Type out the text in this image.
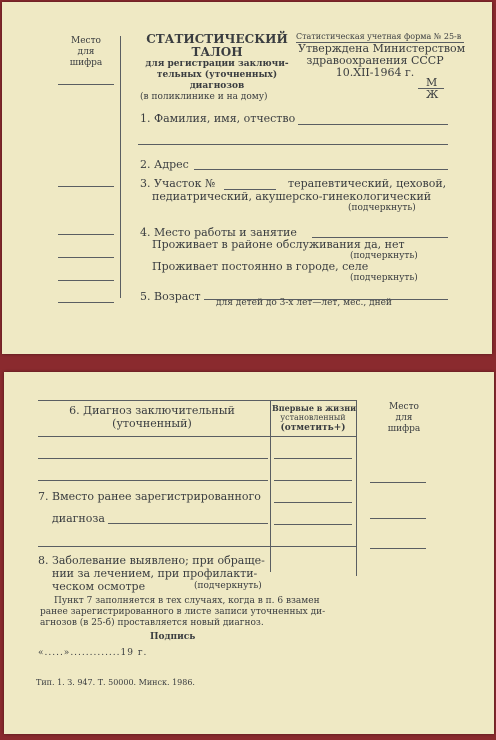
Место
для
шифра
СТАТИСТИЧЕСКИЙ
ТАЛОН
для регистрации заключи-
тельных (уточненных)
диагнозов
(в поликлинике и на дому)
Статистическая учетная форма № 25-в
Утверждена Министерством
здравоохранения СССР
10.XII-1964 г.
М
Ж
1. Фамилия, имя, отчество
2. Адрес
3. Участок №	терапевтический, цеховой,
педиатрический, акушерско-гинекологический
(подчеркнуть)
4. Место работы и занятие
Проживает в районе обслуживания да, нет
(подчеркнуть)
Проживает постоянно в городе, селе
(подчеркнуть)
5. Возраст для детей до 3-х лет—лет, мес., дней
6. Диагноз заключительный
(уточненный)
Впервые в жизни
установленный
(отметить+)
Место
для
шифра
7. Вместо ранее зарегистрированного
диагноза
8. Заболевание выявлено; при обраще-
нии за лечением, при профилакти-
ческом осмотре	(подчеркнуть)
Пункт 7 заполняется в тех случаях, когда в п. 6 взамен
ранее зарегистрированного в листе записи уточненных ди-
агнозов (в 25-б) проставляется новый диагноз.
Подпись
«.....».............19 г.
Тип. 1. З. 947. Т. 50000. Минск. 1986.
